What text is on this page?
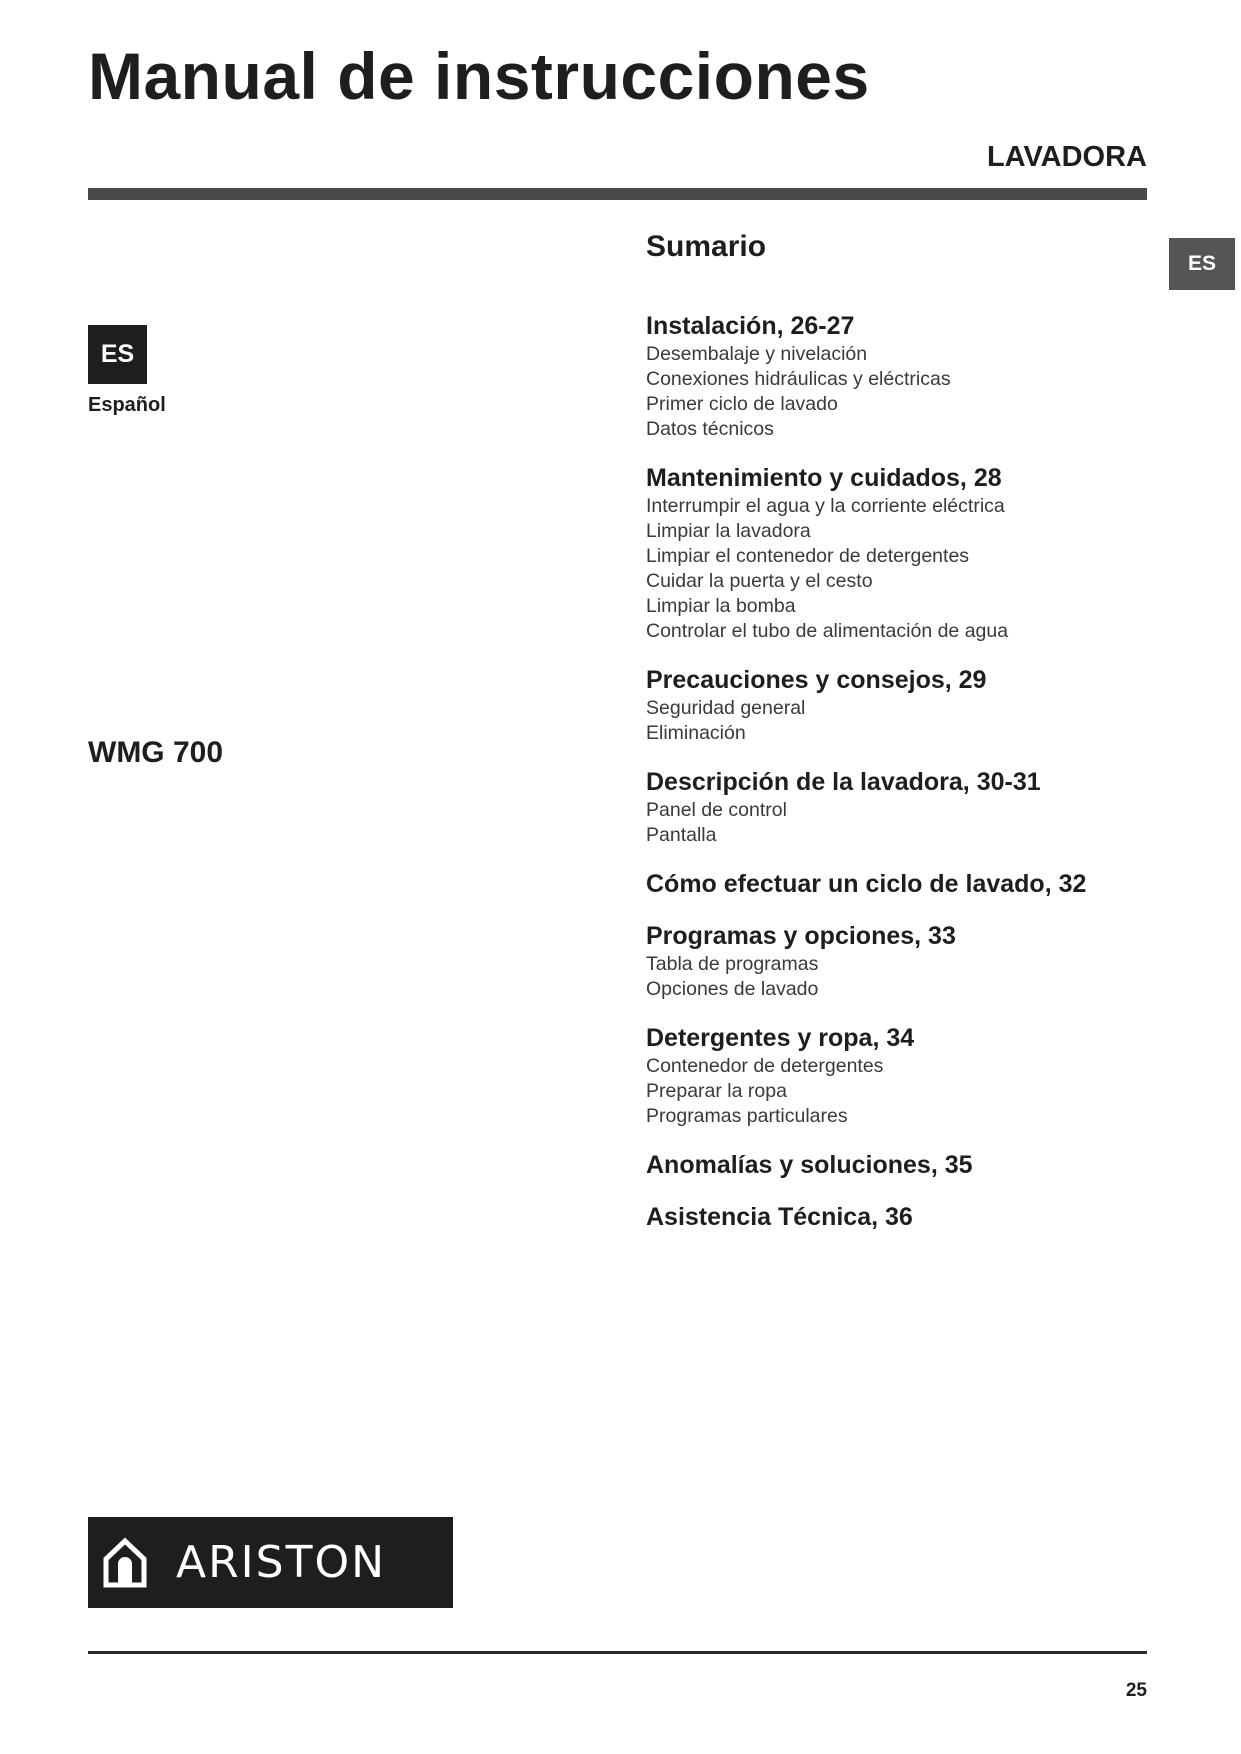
Manual de instrucciones
LAVADORA
ES
ES
Español
WMG 700
Sumario
Instalación, 26-27
Desembalaje y nivelación
Conexiones hidráulicas y eléctricas
Primer ciclo de lavado
Datos técnicos
Mantenimiento y cuidados, 28
Interrumpir el agua y la corriente eléctrica
Limpiar la lavadora
Limpiar el contenedor de detergentes
Cuidar la puerta y el cesto
Limpiar la bomba
Controlar el tubo de alimentación de agua
Precauciones y consejos, 29
Seguridad general
Eliminación
Descripción de la lavadora, 30-31
Panel de control
Pantalla
Cómo efectuar un ciclo de lavado, 32
Programas y opciones, 33
Tabla de programas
Opciones de lavado
Detergentes y ropa, 34
Contenedor de detergentes
Preparar la ropa
Programas particulares
Anomalías y soluciones, 35
Asistencia Técnica, 36
ARISTON
25
